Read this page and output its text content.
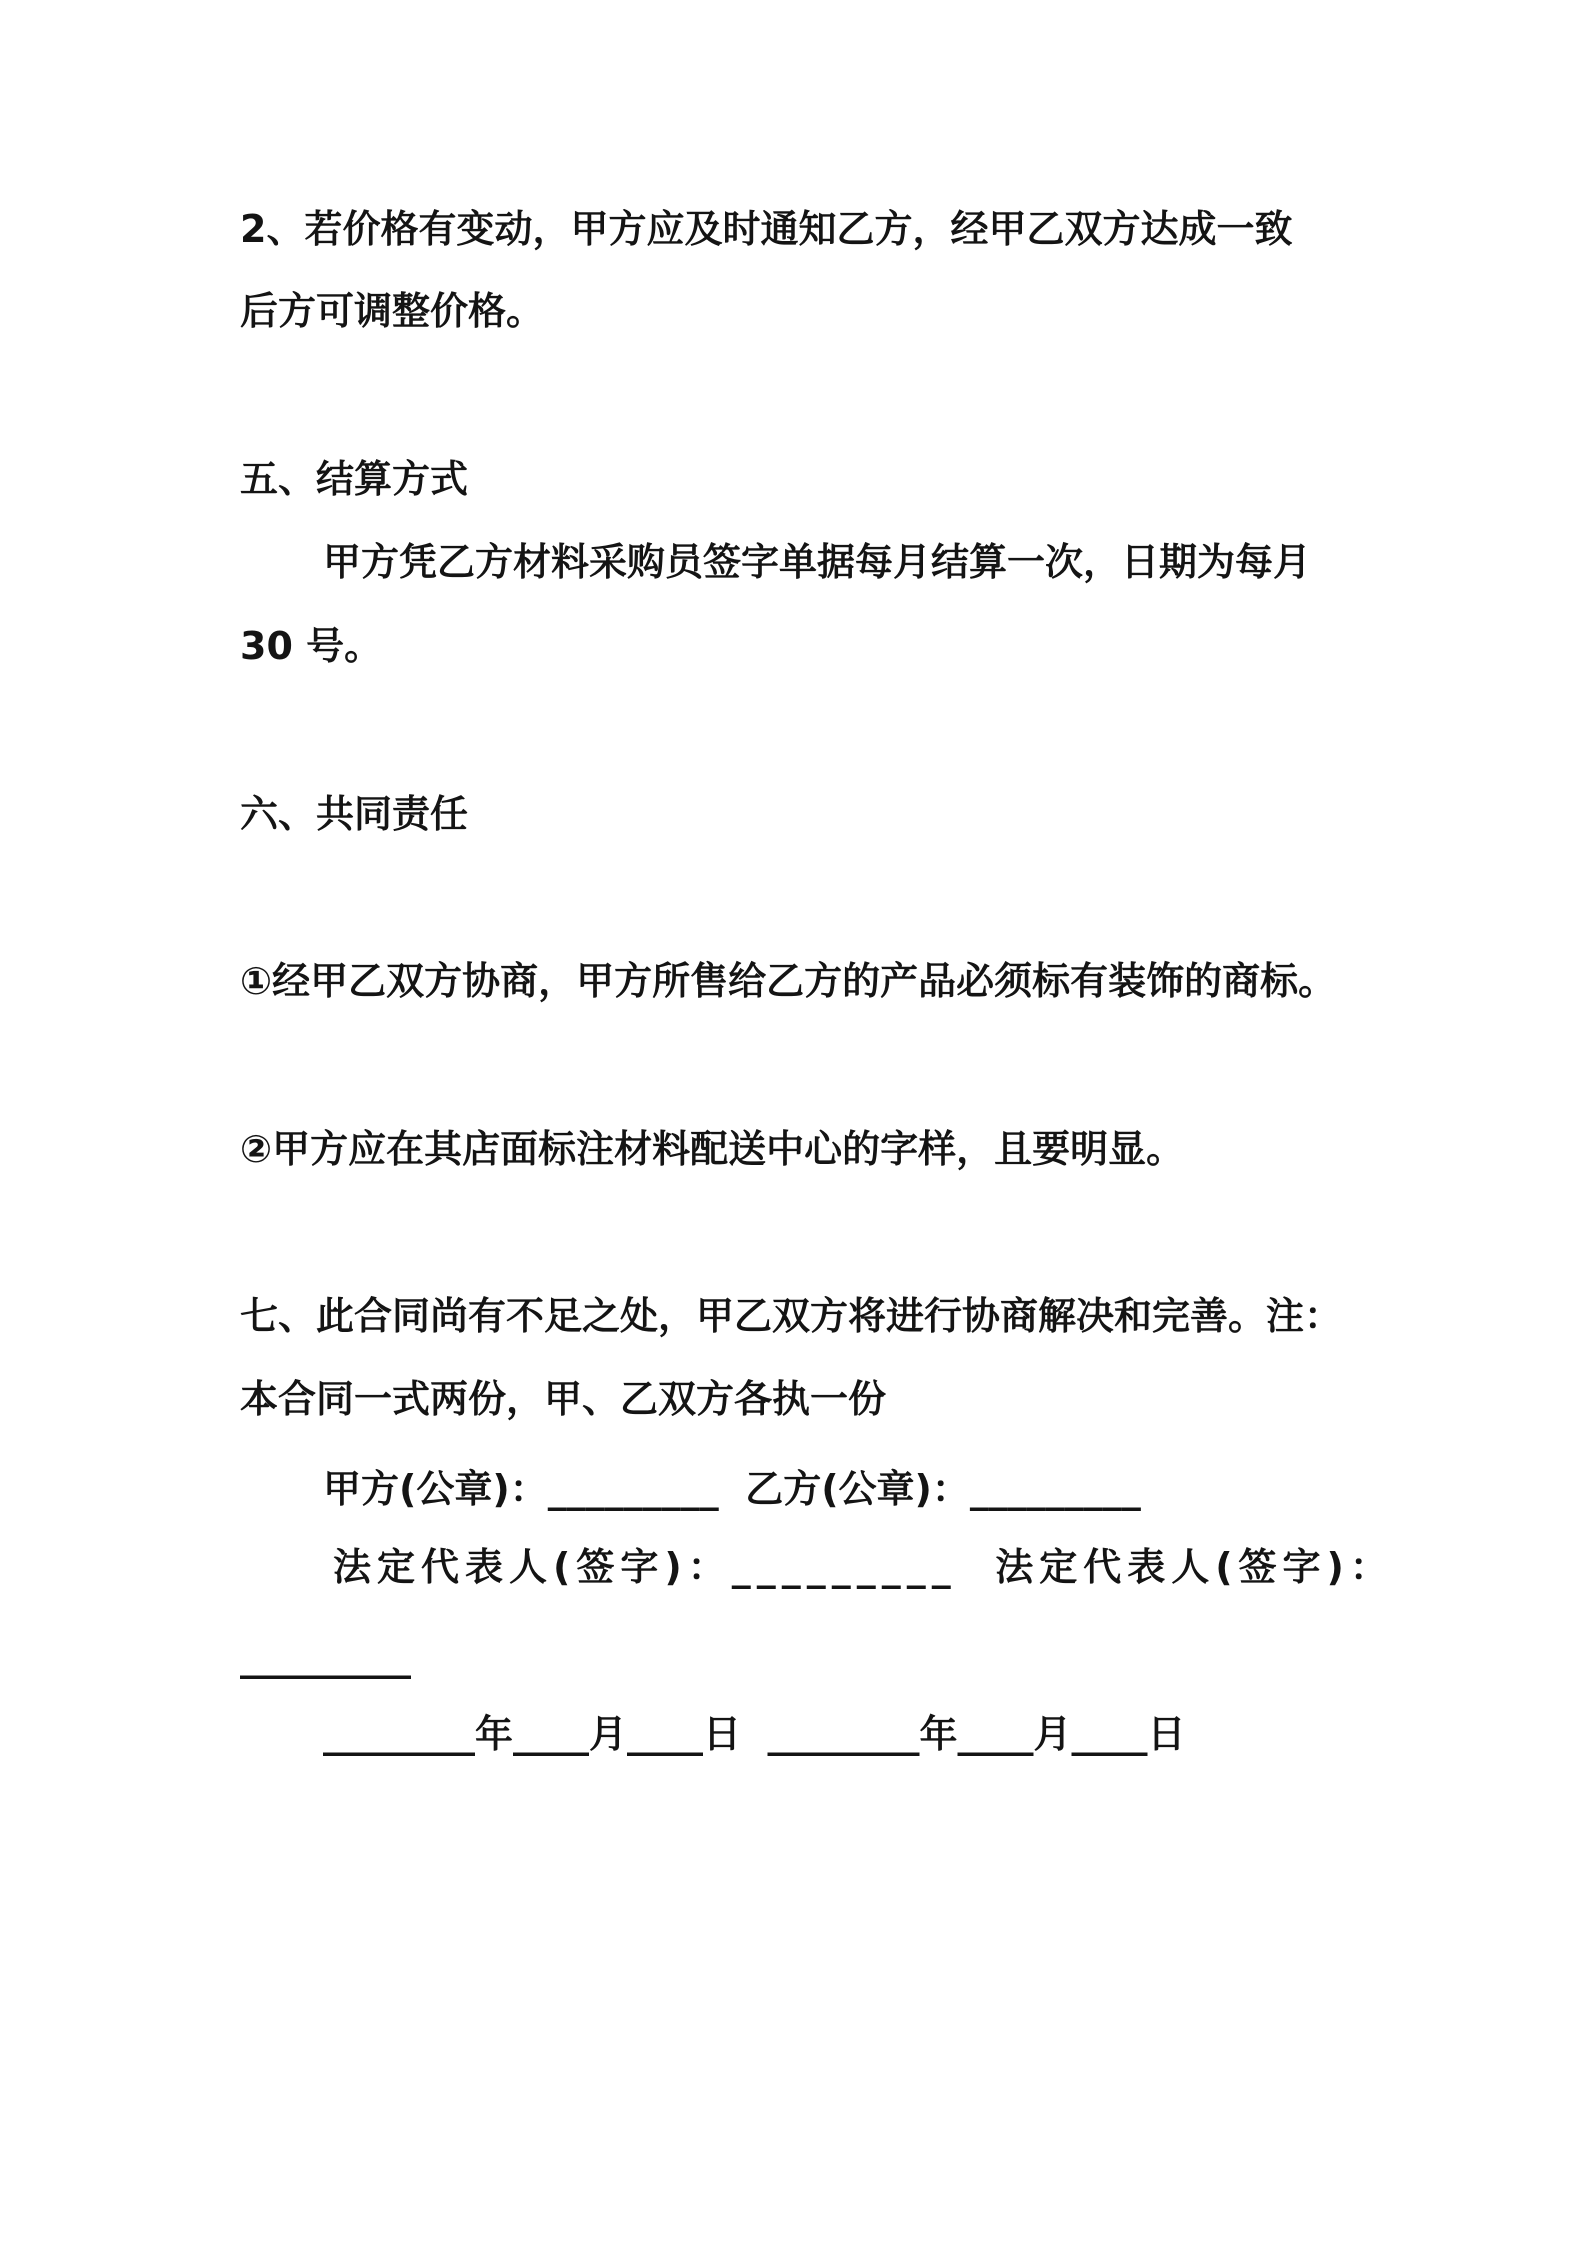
2、若价格有变动，甲方应及时通知乙方，经甲乙双方达成一致

后方可调整价格。

五、结算方式

甲方凭乙方材料采购员签字单据每月结算一次，日期为每月

30 号。

六、共同责任

①经甲乙双方协商，甲方所售给乙方的产品必须标有装饰的商标。

②甲方应在其店面标注材料配送中心的字样，且要明显。

七、此合同尚有不足之处，甲乙双方将进行协商解决和完善。注：

本合同一式两份，甲、乙双方各执一份

甲方(公章)：_________  乙方(公章)：_________

法定代表人(签字)：_________  法定代表人(签字)：

_________

________年____月____日  ________年____月____日
